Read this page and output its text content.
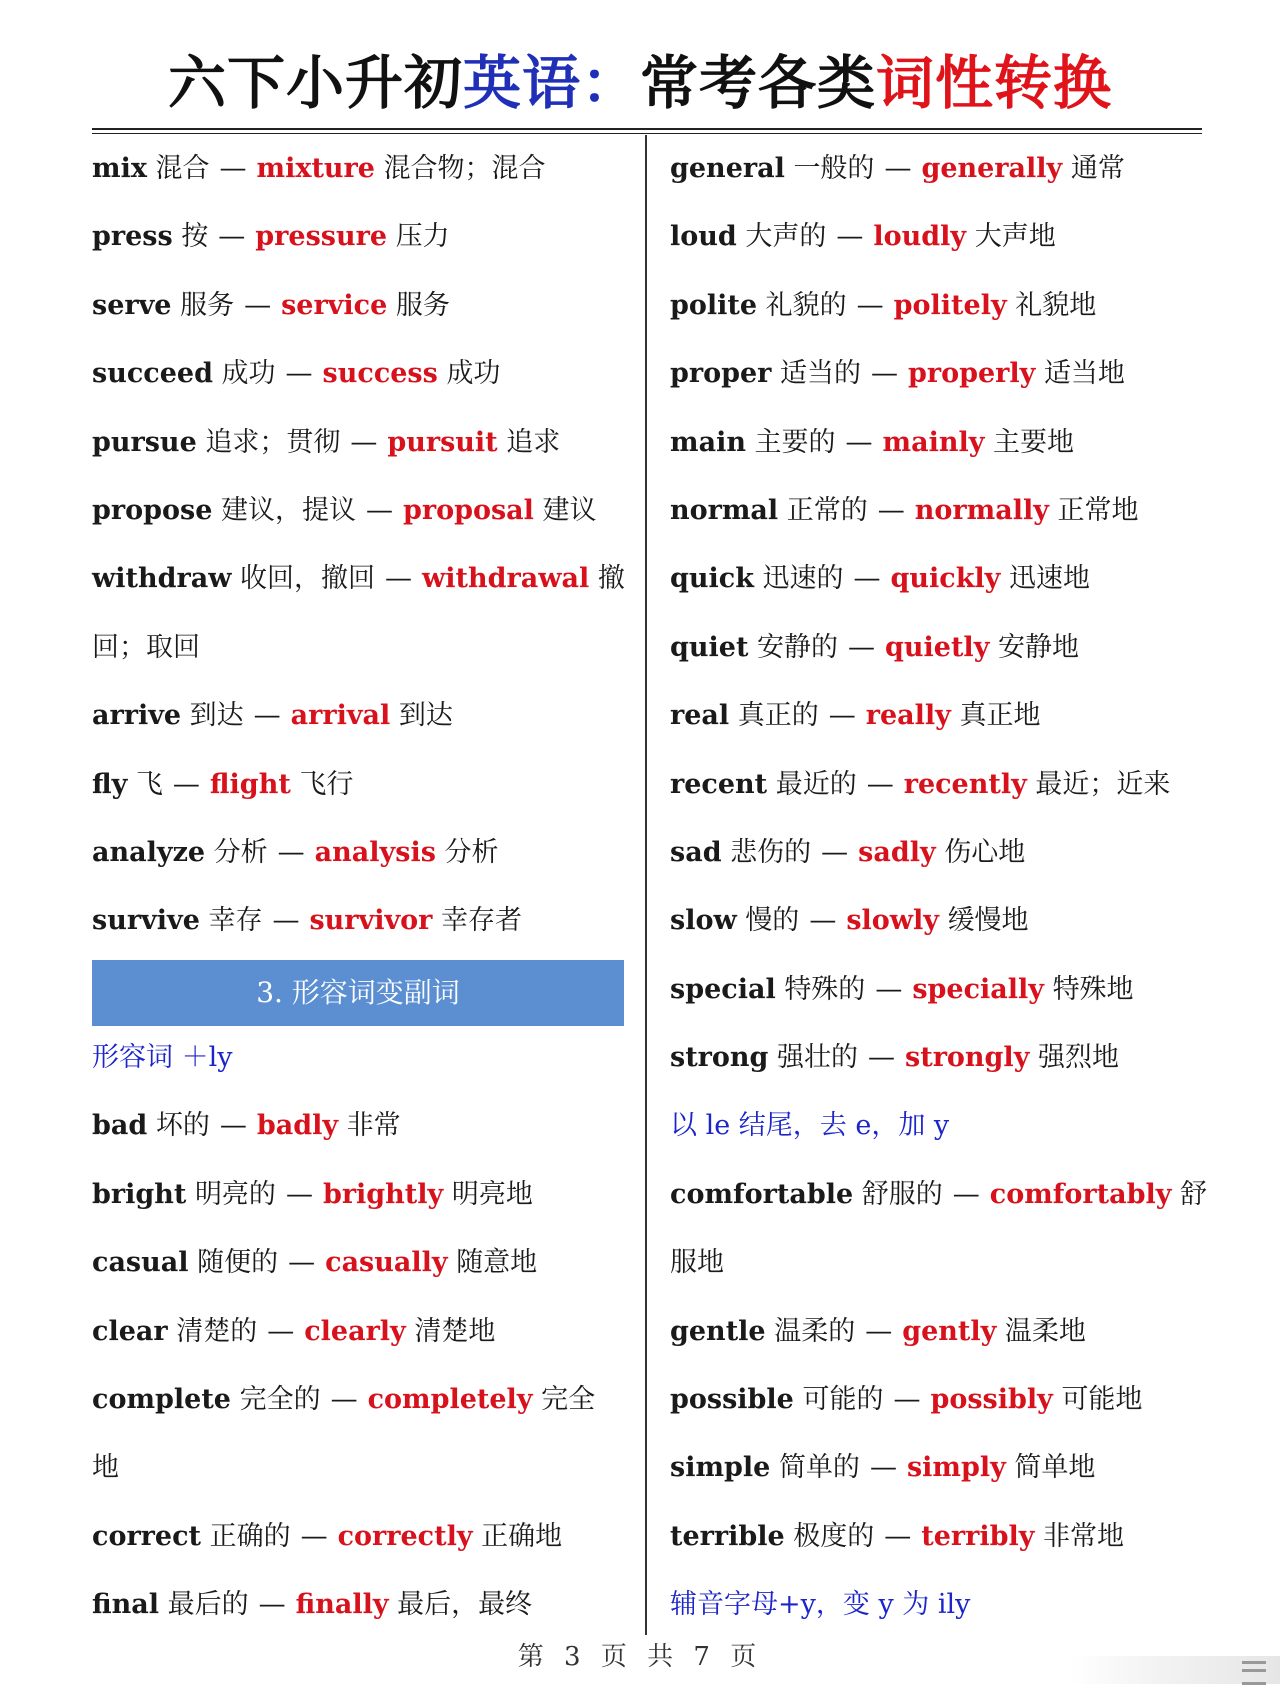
六下小升初英语：常考各类词性转换
mix 混合 — mixture 混合物；混合
press 按 — pressure 压力
serve 服务 — service 服务
succeed 成功 — success 成功
pursue 追求；贯彻 — pursuit 追求
propose 建议，提议 — proposal 建议
withdraw 收回，撤回 — withdrawal 撤
回；取回
arrive 到达 — arrival 到达
fly 飞 — flight 飞行
analyze 分析 — analysis 分析
survive 幸存 — survivor 幸存者
3. 形容词变副词
形容词 ＋ly
bad 坏的 — badly 非常
bright 明亮的 — brightly 明亮地
casual 随便的 — casually 随意地
clear 清楚的 — clearly 清楚地
complete 完全的 — completely 完全
地
correct 正确的 — correctly 正确地
final 最后的 — finally 最后，最终
general 一般的 — generally 通常
loud 大声的 — loudly 大声地
polite 礼貌的 — politely 礼貌地
proper 适当的 — properly 适当地
main 主要的 — mainly 主要地
normal 正常的 — normally 正常地
quick 迅速的 — quickly 迅速地
quiet 安静的 — quietly 安静地
real 真正的 — really 真正地
recent 最近的 — recently 最近；近来
sad 悲伤的 — sadly 伤心地
slow 慢的 — slowly 缓慢地
special 特殊的 — specially 特殊地
strong 强壮的 — strongly 强烈地
以 le 结尾，去 e，加 y
comfortable 舒服的 — comfortably 舒
服地
gentle 温柔的 — gently 温柔地
possible 可能的 — possibly 可能地
simple 简单的 — simply 简单地
terrible 极度的 — terribly 非常地
辅音字母+y，变 y 为 ily
第 3 页 共 7 页
